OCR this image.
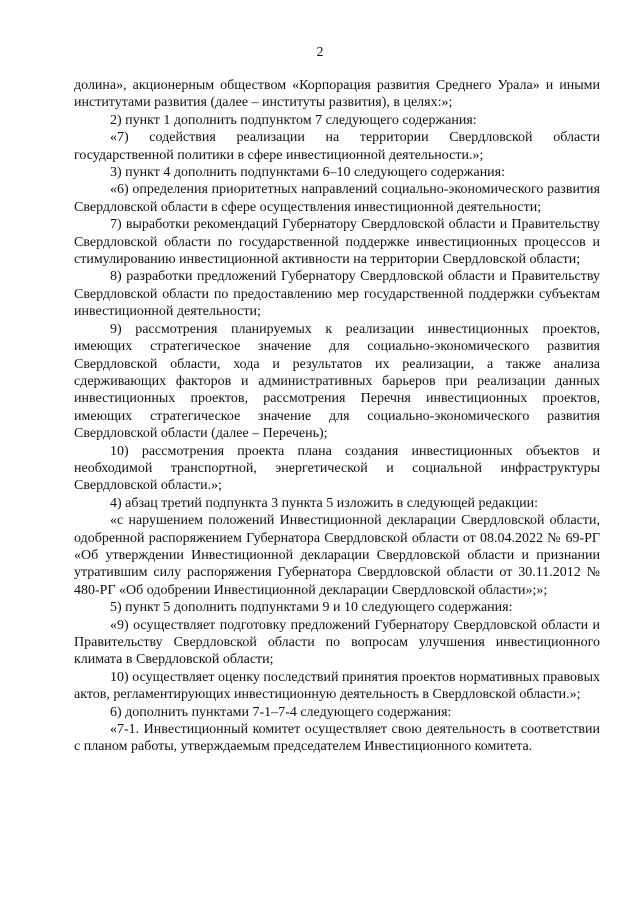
2

долина», акционерным обществом «Корпорация развития Среднего Урала» и иными институтами развития (далее – институты развития), в целях:»;

2) пункт 1 дополнить подпунктом 7 следующего содержания:

«7) содействия реализации на территории Свердловской области государственной политики в сфере инвестиционной деятельности.»;

3) пункт 4 дополнить подпунктами 6–10 следующего содержания:

«6) определения приоритетных направлений социально-экономического развития Свердловской области в сфере осуществления инвестиционной деятельности;

7) выработки рекомендаций Губернатору Свердловской области и Правительству Свердловской области по государственной поддержке инвестиционных процессов и стимулированию инвестиционной активности на территории Свердловской области;

8) разработки предложений Губернатору Свердловской области и Правительству Свердловской области по предоставлению мер государственной поддержки субъектам инвестиционной деятельности;

9) рассмотрения планируемых к реализации инвестиционных проектов, имеющих стратегическое значение для социально-экономического развития Свердловской области, хода и результатов их реализации, а также анализа сдерживающих факторов и административных барьеров при реализации данных инвестиционных проектов, рассмотрения Перечня инвестиционных проектов, имеющих стратегическое значение для социально-экономического развития Свердловской области (далее – Перечень);

10) рассмотрения проекта плана создания инвестиционных объектов и необходимой транспортной, энергетической и социальной инфраструктуры Свердловской области.»;

4) абзац третий подпункта 3 пункта 5 изложить в следующей редакции:

«с нарушением положений Инвестиционной декларации Свердловской области, одобренной распоряжением Губернатора Свердловской области от 08.04.2022 № 69-РГ «Об утверждении Инвестиционной декларации Свердловской области и признании утратившим силу распоряжения Губернатора Свердловской области от 30.11.2012 № 480-РГ «Об одобрении Инвестиционной декларации Свердловской области»;»;

5) пункт 5 дополнить подпунктами 9 и 10 следующего содержания:

«9) осуществляет подготовку предложений Губернатору Свердловской области и Правительству Свердловской области по вопросам улучшения инвестиционного климата в Свердловской области;

10) осуществляет оценку последствий принятия проектов нормативных правовых актов, регламентирующих инвестиционную деятельность в Свердловской области.»;

6) дополнить пунктами 7-1–7-4 следующего содержания:

«7-1. Инвестиционный комитет осуществляет свою деятельность в соответствии с планом работы, утверждаемым председателем Инвестиционного комитета.
